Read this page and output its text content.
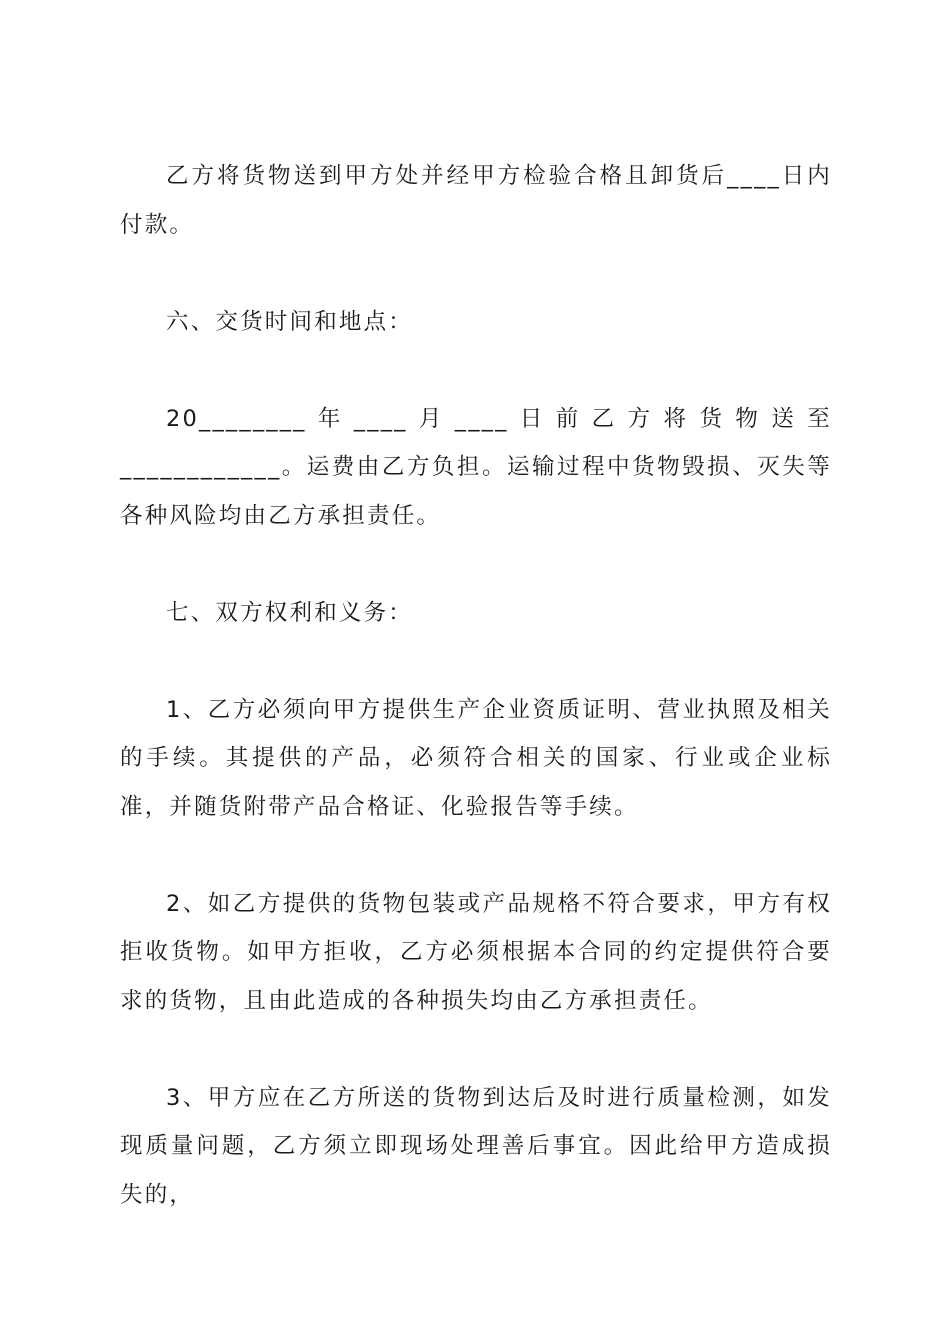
乙方将货物送到甲方处并经甲方检验合格且卸货后____日内付款。

六、交货时间和地点：

20________年____月____日前乙方将货物送至____________。运费由乙方负担。运输过程中货物毁损、灭失等各种风险均由乙方承担责任。

七、双方权利和义务：

1、乙方必须向甲方提供生产企业资质证明、营业执照及相关的手续。其提供的产品，必须符合相关的国家、行业或企业标准，并随货附带产品合格证、化验报告等手续。

2、如乙方提供的货物包装或产品规格不符合要求，甲方有权拒收货物。如甲方拒收，乙方必须根据本合同的约定提供符合要求的货物，且由此造成的各种损失均由乙方承担责任。

3、甲方应在乙方所送的货物到达后及时进行质量检测，如发现质量问题，乙方须立即现场处理善后事宜。因此给甲方造成损失的，
